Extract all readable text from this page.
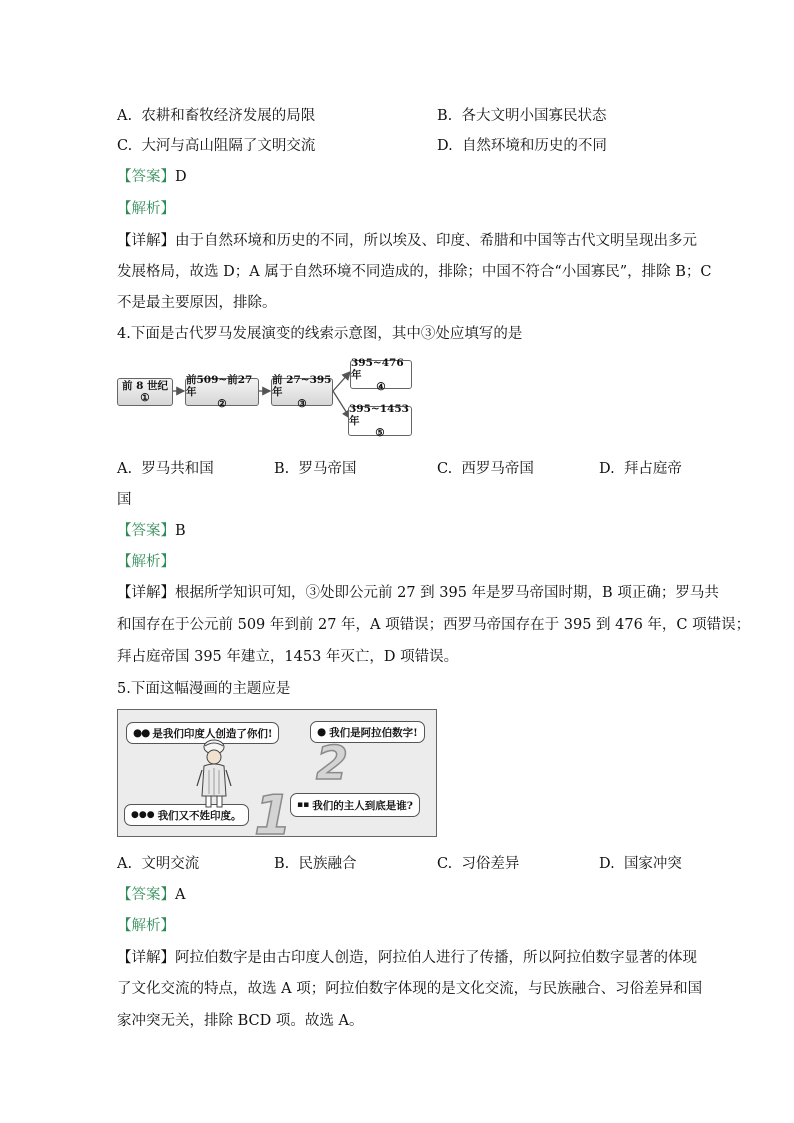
A. 农耕和畜牧经济发展的局限	B. 各大文明小国寡民状态
C. 大河与高山阻隔了文明交流	D. 自然环境和历史的不同
【答案】D
【解析】
【详解】由于自然环境和历史的不同，所以埃及、印度、希腊和中国等古代文明呈现出多元
发展格局，故选 D；A 属于自然环境不同造成的，排除；中国不符合“小国寡民”，排除 B；C
不是最主要原因，排除。
4.下面是古代罗马发展演变的线索示意图，其中③处应填写的是
前 8 世纪
①
前509~前27年
②
前 27~395年
③
395~476年
④
395~1453年
⑤
A. 罗马共和国	B. 罗马帝国	C. 西罗马帝国	D. 拜占庭帝
国
【答案】B
【解析】
【详解】根据所学知识可知，③处即公元前 27 到 395 年是罗马帝国时期，B 项正确；罗马共
和国存在于公元前 509 年到前 27 年，A 项错误；西罗马帝国存在于 395 到 476 年，C 项错误；
拜占庭帝国 395 年建立，1453 年灭亡，D 项错误。
5.下面这幅漫画的主题应是
●● 是我们印度人创造了你们!	● 我们是阿拉伯数字!
●●● 我们又不姓印度。
▪▪ 我们的主人到底是谁?
2
1
A. 文明交流	B. 民族融合	C. 习俗差异	D. 国家冲突
【答案】A
【解析】
【详解】阿拉伯数字是由古印度人创造，阿拉伯人进行了传播，所以阿拉伯数字显著的体现
了文化交流的特点，故选 A 项；阿拉伯数字体现的是文化交流，与民族融合、习俗差异和国
家冲突无关，排除 BCD 项。故选 A。
